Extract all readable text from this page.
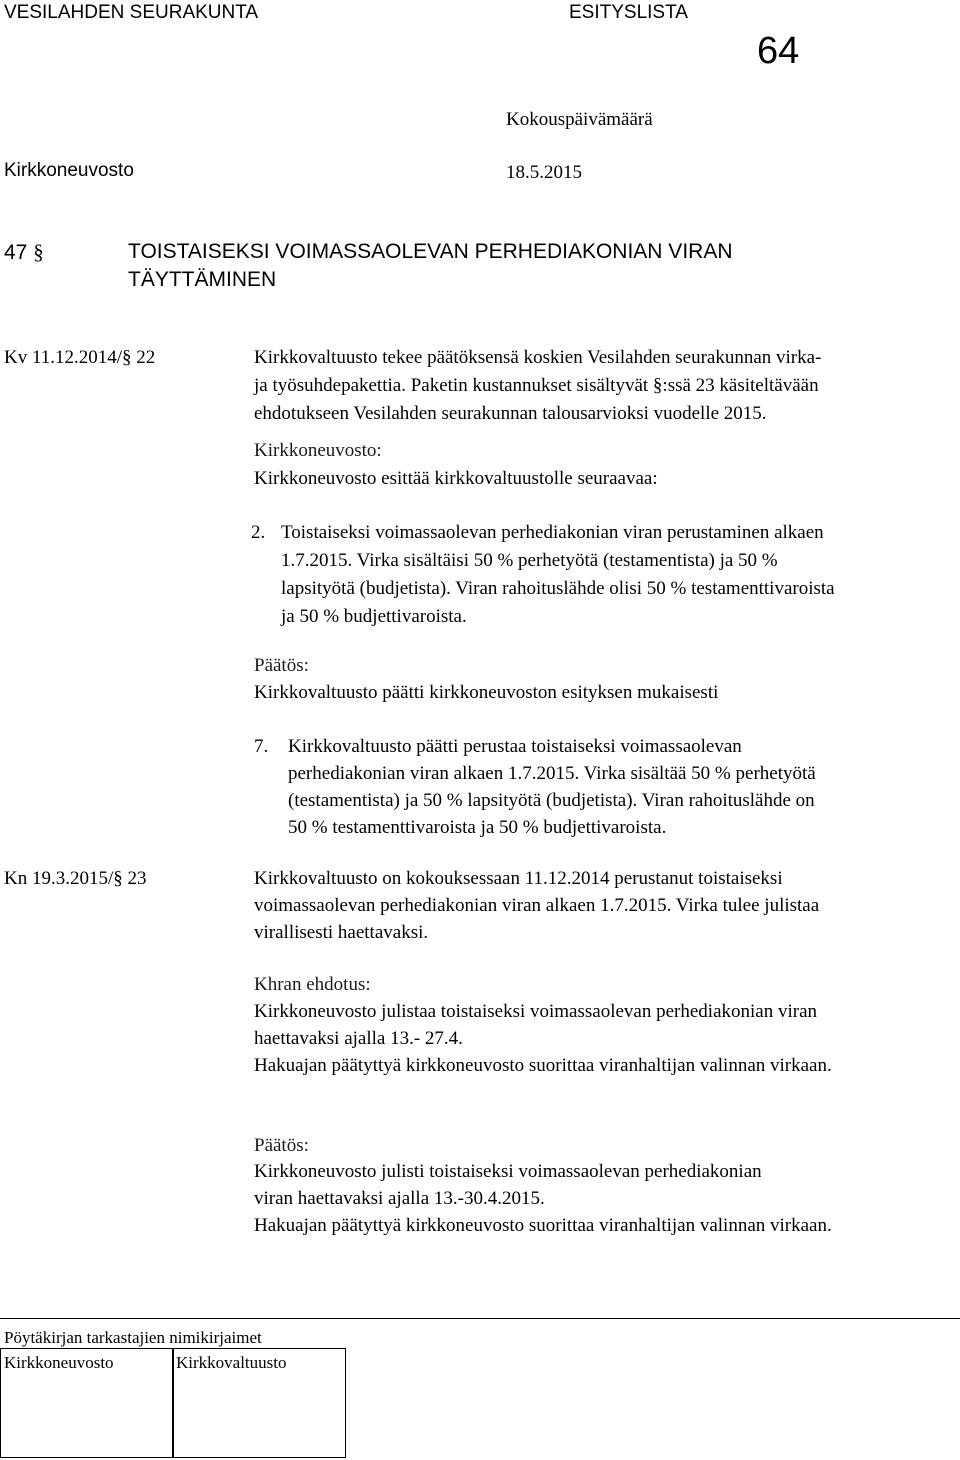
VESILAHDEN SEURAKUNTA	ESITYSLISTA
64
Kokouspäivämäärä
Kirkkoneuvosto	18.5.2015
47 §	TOISTAISEKSI VOIMASSAOLEVAN PERHEDIAKONIAN VIRAN
TÄYTTÄMINEN
Kv 11.12.2014/§ 22	Kirkkovaltuusto tekee päätöksensä koskien Vesilahden seurakunnan virka-
ja työsuhdepakettia. Paketin kustannukset sisältyvät §:ssä 23 käsiteltävään
ehdotukseen Vesilahden seurakunnan talousarvioksi vuodelle 2015.
Kirkkoneuvosto:
Kirkkoneuvosto esittää kirkkovaltuustolle seuraavaa:
2. Toistaiseksi voimassaolevan perhediakonian viran perustaminen alkaen
1.7.2015. Virka sisältäisi 50 % perhetyötä (testamentista) ja 50 %
lapsityötä (budjetista). Viran rahoituslähde olisi 50 % testamenttivaroista
ja 50 % budjettivaroista.
Päätös:
Kirkkovaltuusto päätti kirkkoneuvoston esityksen mukaisesti
7. Kirkkovaltuusto päätti perustaa toistaiseksi voimassaolevan
perhediakonian viran alkaen 1.7.2015. Virka sisältää 50 % perhetyötä
(testamentista) ja 50 % lapsityötä (budjetista). Viran rahoituslähde on
50 % testamenttivaroista ja 50 % budjettivaroista.
Kn 19.3.2015/§ 23	Kirkkovaltuusto on kokouksessaan 11.12.2014 perustanut toistaiseksi
voimassaolevan perhediakonian viran alkaen 1.7.2015. Virka tulee julistaa
virallisesti haettavaksi.
Khran ehdotus:
Kirkkoneuvosto julistaa toistaiseksi voimassaolevan perhediakonian viran
haettavaksi ajalla 13.- 27.4.
Hakuajan päätyttyä kirkkoneuvosto suorittaa viranhaltijan valinnan virkaan.
Päätös:
Kirkkoneuvosto julisti toistaiseksi voimassaolevan perhediakonian
viran haettavaksi ajalla 13.-30.4.2015.
Hakuajan päätyttyä kirkkoneuvosto suorittaa viranhaltijan valinnan virkaan.
Pöytäkirjan tarkastajien nimikirjaimet
Kirkkoneuvosto	Kirkkovaltuusto
